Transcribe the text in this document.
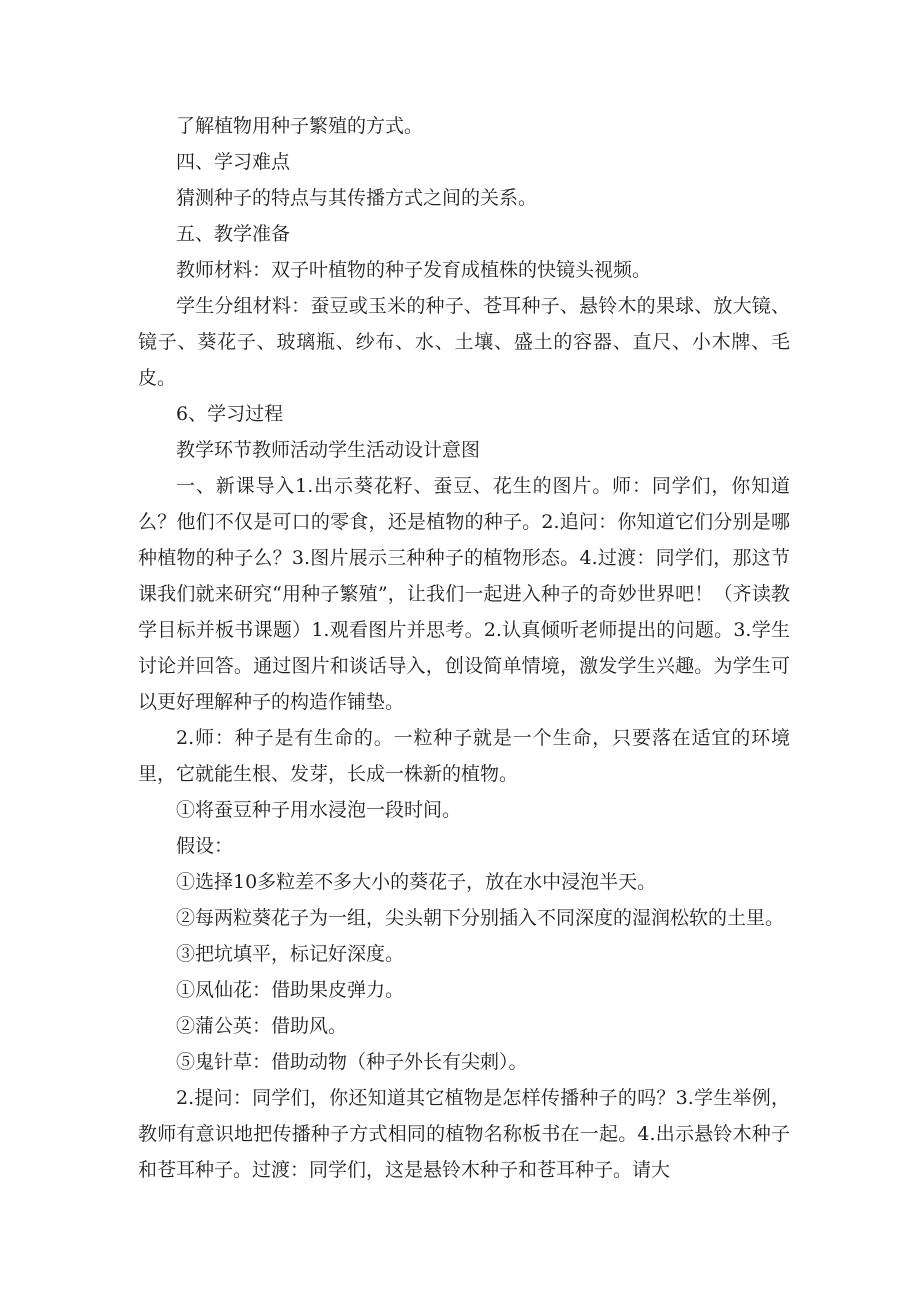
了解植物用种子繁殖的方式。

四、学习难点

猜测种子的特点与其传播方式之间的关系。

五、教学准备

教师材料：双子叶植物的种子发育成植株的快镜头视频。

学生分组材料：蚕豆或玉米的种子、苍耳种子、悬铃木的果球、放大镜、镜子、葵花子、玻璃瓶、纱布、水、土壤、盛土的容器、直尺、小木牌、毛皮。

6、学习过程

教学环节教师活动学生活动设计意图

一、新课导入1.出示葵花籽、蚕豆、花生的图片。师：同学们，你知道么？他们不仅是可口的零食，还是植物的种子。2.追问：你知道它们分别是哪种植物的种子么？3.图片展示三种种子的植物形态。4.过渡：同学们，那这节课我们就来研究“用种子繁殖”，让我们一起进入种子的奇妙世界吧！（齐读教学目标并板书课题）1.观看图片并思考。2.认真倾听老师提出的问题。3.学生讨论并回答。通过图片和谈话导入，创设简单情境，激发学生兴趣。为学生可以更好理解种子的构造作铺垫。

2.师：种子是有生命的。一粒种子就是一个生命，只要落在适宜的环境里，它就能生根、发芽，长成一株新的植物。

①将蚕豆种子用水浸泡一段时间。

假设：

①选择10多粒差不多大小的葵花子，放在水中浸泡半天。

②每两粒葵花子为一组，尖头朝下分别插入不同深度的湿润松软的土里。

③把坑填平，标记好深度。

①凤仙花：借助果皮弹力。

②蒲公英：借助风。

⑤鬼针草：借助动物（种子外长有尖刺）。

2.提问：同学们，你还知道其它植物是怎样传播种子的吗？3.学生举例，教师有意识地把传播种子方式相同的植物名称板书在一起。4.出示悬铃木种子和苍耳种子。过渡：同学们，这是悬铃木种子和苍耳种子。请大
